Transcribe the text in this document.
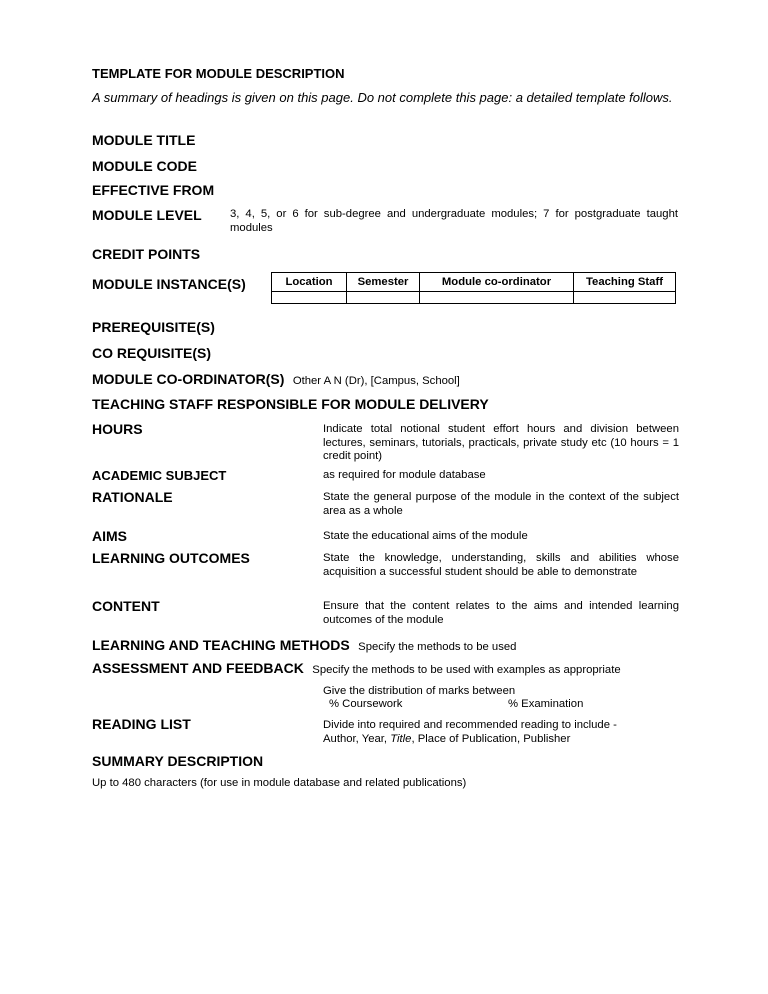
TEMPLATE FOR MODULE DESCRIPTION
A summary of headings is given on this page. Do not complete this page: a detailed template follows.
MODULE TITLE
MODULE CODE
EFFECTIVE FROM
MODULE LEVEL	3, 4, 5, or 6 for sub-degree and undergraduate modules; 7 for postgraduate taught modules
CREDIT POINTS
MODULE INSTANCE(S)	Location	Semester	Module co-ordinator	Teaching Staff

PREREQUISITE(S)
CO REQUISITE(S)
MODULE CO-ORDINATOR(S) Other A N (Dr), [Campus, School]
TEACHING STAFF RESPONSIBLE FOR MODULE DELIVERY
HOURS	Indicate total notional student effort hours and division between lectures, seminars, tutorials, practicals, private study etc (10 hours = 1 credit point)
ACADEMIC SUBJECT	as required for module database
RATIONALE	State the general purpose of the module in the context of the subject area as a whole
AIMS	State the educational aims of the module
LEARNING OUTCOMES	State the knowledge, understanding, skills and abilities whose acquisition a successful student should be able to demonstrate
CONTENT	Ensure that the content relates to the aims and intended learning outcomes of the module
LEARNING AND TEACHING METHODS Specify the methods to be used
ASSESSMENT AND FEEDBACK Specify the methods to be used with examples as appropriate
Give the distribution of marks between
% Coursework	% Examination
READING LIST	Divide into required and recommended reading to include -
Author, Year, Title, Place of Publication, Publisher
SUMMARY DESCRIPTION
Up to 480 characters (for use in module database and related publications)
